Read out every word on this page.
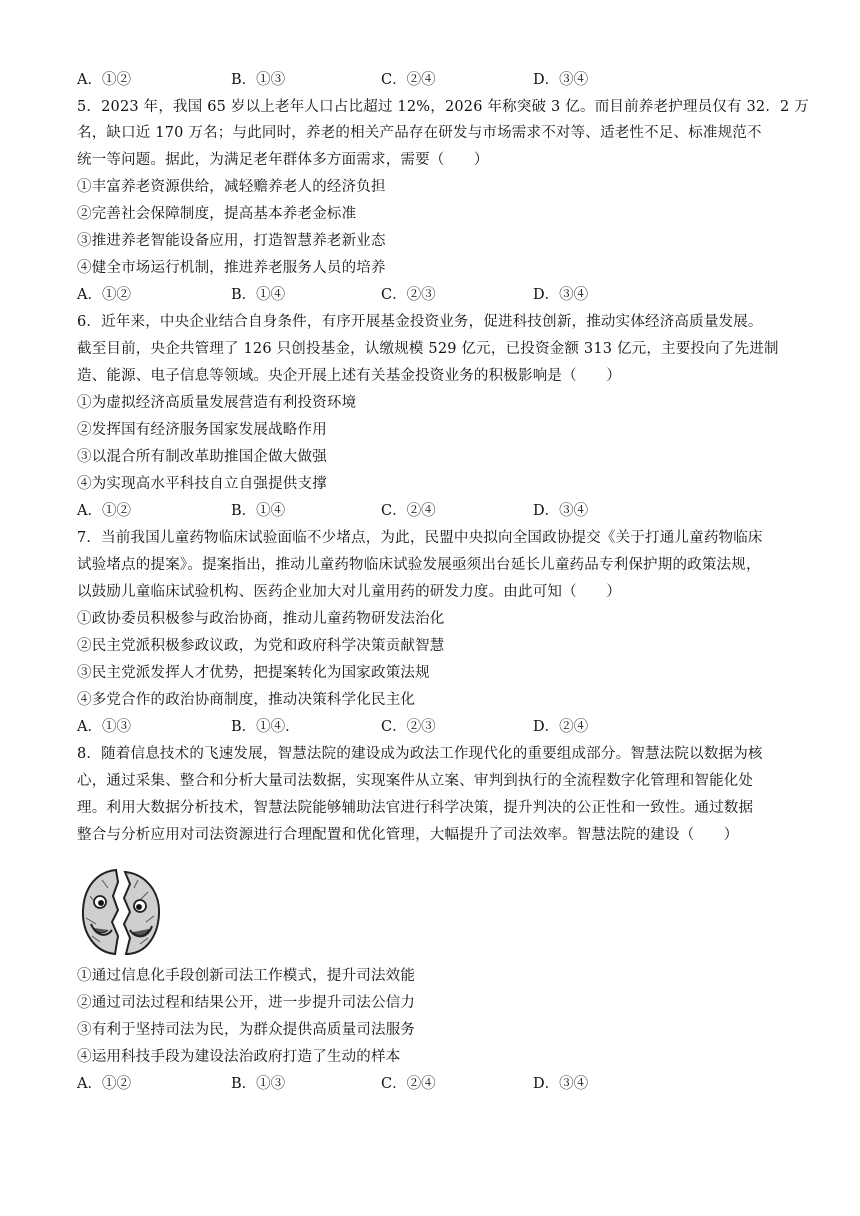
A．①②	B．①③	C．②④	D．③④
5．2023 年，我国 65 岁以上老年人口占比超过 12%，2026 年称突破 3 亿。而目前养老护理员仅有 32．2 万
名，缺口近 170 万名；与此同时，养老的相关产品存在研发与市场需求不对等、适老性不足、标准规范不
统一等问题。据此，为满足老年群体多方面需求，需要（　　）
①丰富养老资源供给，减轻赡养老人的经济负担
②完善社会保障制度，提高基本养老金标准
③推进养老智能设备应用，打造智慧养老新业态
④健全市场运行机制，推进养老服务人员的培养
A．①②	B．①④	C．②③	D．③④
6．近年来，中央企业结合自身条件，有序开展基金投资业务，促进科技创新，推动实体经济高质量发展。
截至目前，央企共管理了 126 只创投基金，认缴规模 529 亿元，已投资金额 313 亿元，主要投向了先进制
造、能源、电子信息等领域。央企开展上述有关基金投资业务的积极影响是（　　）
①为虚拟经济高质量发展营造有利投资环境
②发挥国有经济服务国家发展战略作用
③以混合所有制改革助推国企做大做强
④为实现高水平科技自立自强提供支撑
A．①②	B．①④	C．②④	D．③④
7．当前我国儿童药物临床试验面临不少堵点，为此，民盟中央拟向全国政协提交《关于打通儿童药物临床
试验堵点的提案》。提案指出，推动儿童药物临床试验发展亟须出台延长儿童药品专利保护期的政策法规，
以鼓励儿童临床试验机构、医药企业加大对儿童用药的研发力度。由此可知（　　）
①政协委员积极参与政治协商，推动儿童药物研发法治化
②民主党派积极参政议政，为党和政府科学决策贡献智慧
③民主党派发挥人才优势，把提案转化为国家政策法规
④多党合作的政治协商制度，推动决策科学化民主化
A．①③	B．①④．	C．②③	D．②④
8．随着信息技术的飞速发展，智慧法院的建设成为政法工作现代化的重要组成部分。智慧法院以数据为核
心，通过采集、整合和分析大量司法数据，实现案件从立案、审判到执行的全流程数字化管理和智能化处
理。利用大数据分析技术，智慧法院能够辅助法官进行科学决策，提升判决的公正性和一致性。通过数据
整合与分析应用对司法资源进行合理配置和优化管理，大幅提升了司法效率。智慧法院的建设（　　）
①通过信息化手段创新司法工作模式，提升司法效能
②通过司法过程和结果公开，进一步提升司法公信力
③有利于坚持司法为民，为群众提供高质量司法服务
④运用科技手段为建设法治政府打造了生动的样本
A．①②	B．①③	C．②④	D．③④
